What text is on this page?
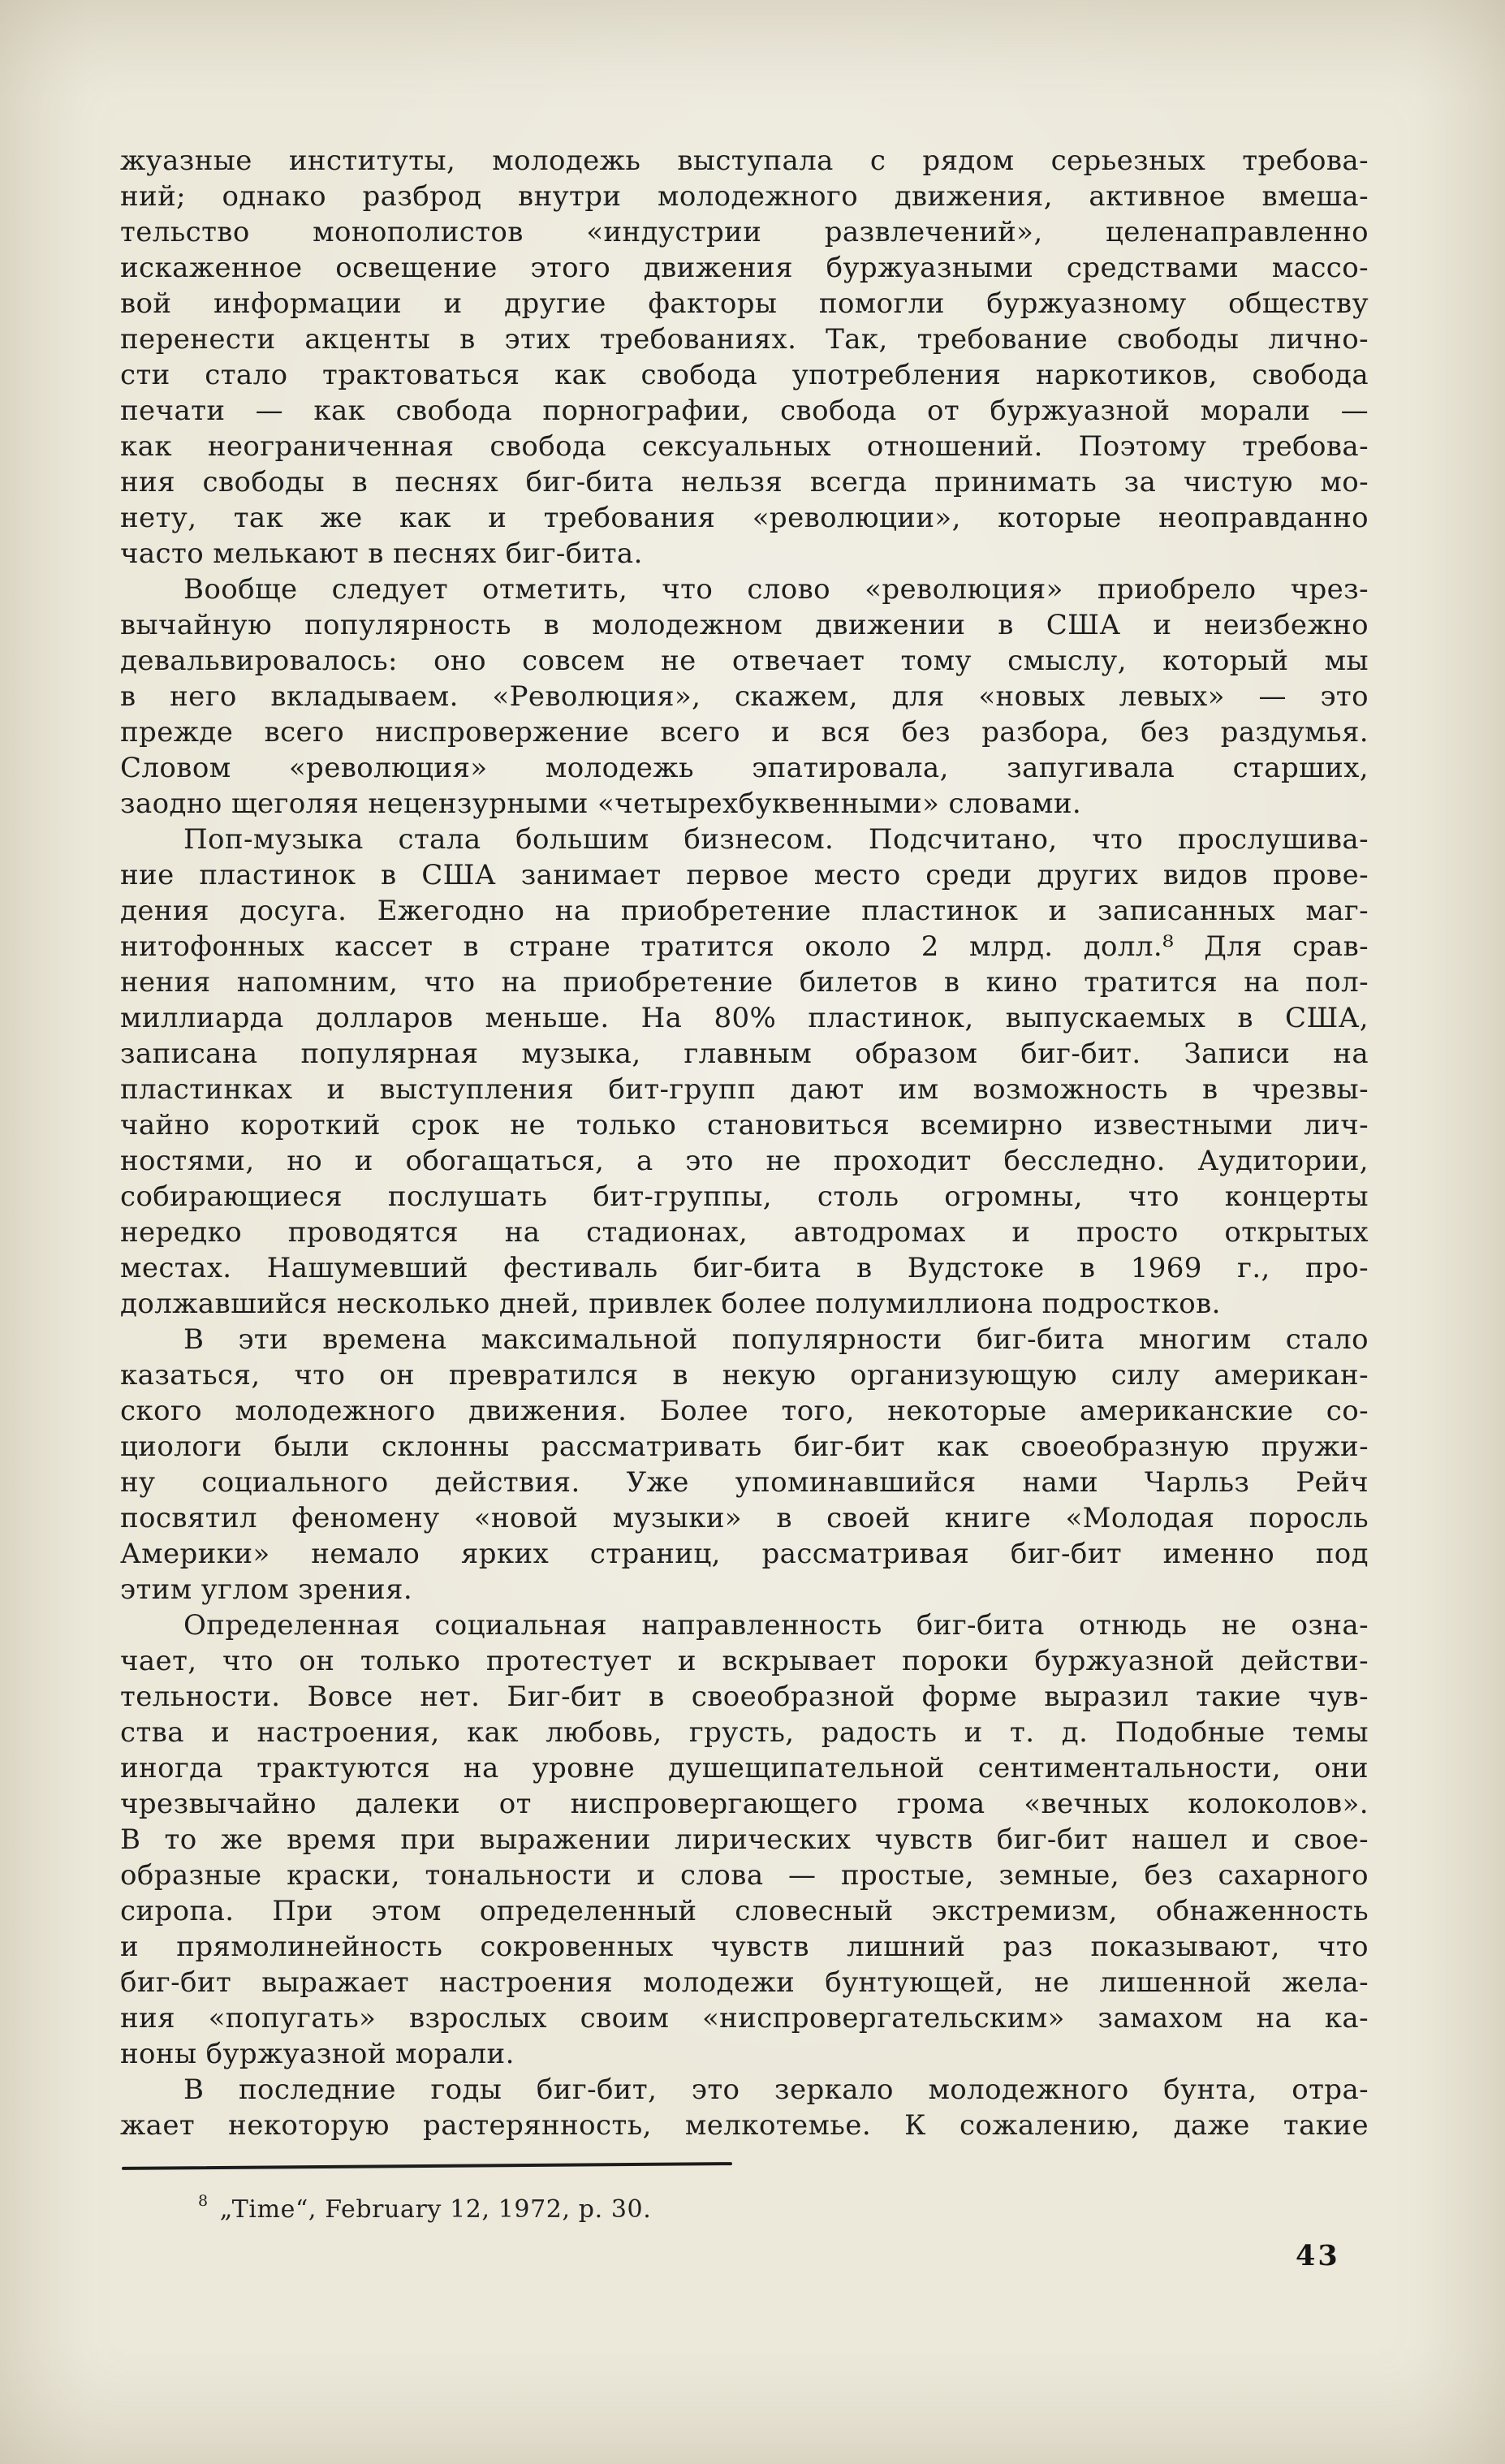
жуазные институты, молодежь выступала с рядом серьезных требова-
ний; однако разброд внутри молодежного движения, активное вмеша-
тельство монополистов «индустрии развлечений», целенаправленно
искаженное освещение этого движения буржуазными средствами массо-
вой информации и другие факторы помогли буржуазному обществу
перенести акценты в этих требованиях. Так, требование свободы лично-
сти стало трактоваться как свобода употребления наркотиков, свобода
печати — как свобода порнографии, свобода от буржуазной морали —
как неограниченная свобода сексуальных отношений. Поэтому требова-
ния свободы в песнях биг-бита нельзя всегда принимать за чистую мо-
нету, так же как и требования «революции», которые неоправданно
часто мелькают в песнях биг-бита.
Вообще следует отметить, что слово «революция» приобрело чрез-
вычайную популярность в молодежном движении в США и неизбежно
девальвировалось: оно совсем не отвечает тому смыслу, который мы
в него вкладываем. «Революция», скажем, для «новых левых» — это
прежде всего ниспровержение всего и вся без разбора, без раздумья.
Словом «революция» молодежь эпатировала, запугивала старших,
заодно щеголяя нецензурными «четырехбуквенными» словами.
Поп-музыка стала большим бизнесом. Подсчитано, что прослушива-
ние пластинок в США занимает первое место среди других видов прове-
дения досуга. Ежегодно на приобретение пластинок и записанных маг-
нитофонных кассет в стране тратится около 2 млрд. долл.⁸ Для срав-
нения напомним, что на приобретение билетов в кино тратится на пол-
миллиарда долларов меньше. На 80% пластинок, выпускаемых в США,
записана популярная музыка, главным образом биг-бит. Записи на
пластинках и выступления бит-групп дают им возможность в чрезвы-
чайно короткий срок не только становиться всемирно известными лич-
ностями, но и обогащаться, а это не проходит бесследно. Аудитории,
собирающиеся послушать бит-группы, столь огромны, что концерты
нередко проводятся на стадионах, автодромах и просто открытых
местах. Нашумевший фестиваль биг-бита в Вудстоке в 1969 г., про-
должавшийся несколько дней, привлек более полумиллиона подростков.
В эти времена максимальной популярности биг-бита многим стало
казаться, что он превратился в некую организующую силу американ-
ского молодежного движения. Более того, некоторые американские со-
циологи были склонны рассматривать биг-бит как своеобразную пружи-
ну социального действия. Уже упоминавшийся нами Чарльз Рейч
посвятил феномену «новой музыки» в своей книге «Молодая поросль
Америки» немало ярких страниц, рассматривая биг-бит именно под
этим углом зрения.
Определенная социальная направленность биг-бита отнюдь не озна-
чает, что он только протестует и вскрывает пороки буржуазной действи-
тельности. Вовсе нет. Биг-бит в своеобразной форме выразил такие чув-
ства и настроения, как любовь, грусть, радость и т. д. Подобные темы
иногда трактуются на уровне душещипательной сентиментальности, они
чрезвычайно далеки от ниспровергающего грома «вечных колоколов».
В то же время при выражении лирических чувств биг-бит нашел и свое-
образные краски, тональности и слова — простые, земные, без сахарного
сиропа. При этом определенный словесный экстремизм, обнаженность
и прямолинейность сокровенных чувств лишний раз показывают, что
биг-бит выражает настроения молодежи бунтующей, не лишенной жела-
ния «попугать» взрослых своим «ниспровергательским» замахом на ка-
ноны буржуазной морали.
В последние годы биг-бит, это зеркало молодежного бунта, отра-
жает некоторую растерянность, мелкотемье. К сожалению, даже такие
$^8$ „Time“, February 12, 1972, p. 30.
43
